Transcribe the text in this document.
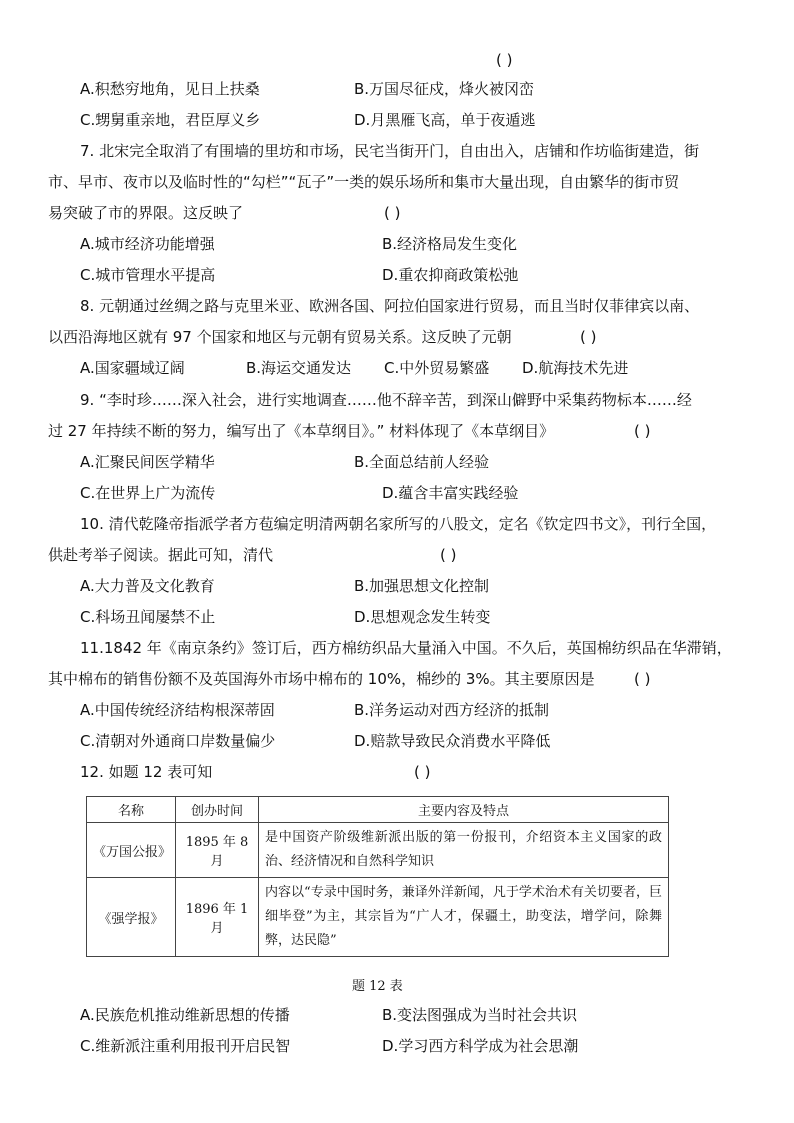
( )
A.积愁穷地角，见日上扶桑	B.万国尽征戍，烽火被冈峦
C.甥舅重亲地，君臣厚义乡	D.月黑雁飞高，单于夜遁逃
7. 北宋完全取消了有围墙的里坊和市场，民宅当街开门，自由出入，店铺和作坊临街建造，街
市、早市、夜市以及临时性的“勾栏”“瓦子”一类的娱乐场所和集市大量出现，自由繁华的街市贸
易突破了市的界限。这反映了	( )
A.城市经济功能增强	B.经济格局发生变化
C.城市管理水平提高	D.重农抑商政策松弛
8. 元朝通过丝绸之路与克里米亚、欧洲各国、阿拉伯国家进行贸易，而且当时仅菲律宾以南、
以西沿海地区就有 97 个国家和地区与元朝有贸易关系。这反映了元朝	( )
A.国家疆域辽阔	B.海运交通发达 C.中外贸易繁盛 D.航海技术先进
9. “李时珍……深入社会，进行实地调查……他不辞辛苦，到深山僻野中采集药物标本……经
过 27 年持续不断的努力，编写出了《本草纲目》。” 材料体现了《本草纲目》	( )
A.汇聚民间医学精华	B.全面总结前人经验
C.在世界上广为流传	D.蕴含丰富实践经验
10. 清代乾隆帝指派学者方苞编定明清两朝名家所写的八股文，定名《钦定四书文》，刊行全国，
供赴考举子阅读。据此可知，清代	( )
A.大力普及文化教育	B.加强思想文化控制
C.科场丑闻屡禁不止	D.思想观念发生转变
11.1842 年《南京条约》签订后，西方棉纺织品大量涌入中国。不久后，英国棉纺织品在华滞销，
其中棉布的销售份额不及英国海外市场中棉布的 10%，棉纱的 3%。其主要原因是	( )
A.中国传统经济结构根深蒂固	B.洋务运动对西方经济的抵制
C.清朝对外通商口岸数量偏少	D.赔款导致民众消费水平降低
12. 如题 12 表可知	( )
名称	创办时间	主要内容及特点
《万国公报》	1895 年 8 月	是中国资产阶级维新派出版的第一份报刊，介绍资本主义国家的政治、经济情况和自然科学知识
《强学报》	1896 年 1 月	内容以“专录中国时务，兼译外洋新闻，凡于学术治术有关切要者，巨细毕登”为主，其宗旨为“广人才，保疆土，助变法，增学问，除舞弊，达民隐”
题 12 表
A.民族危机推动维新思想的传播	B.变法图强成为当时社会共识
C.维新派注重利用报刊开启民智	D.学习西方科学成为社会思潮
